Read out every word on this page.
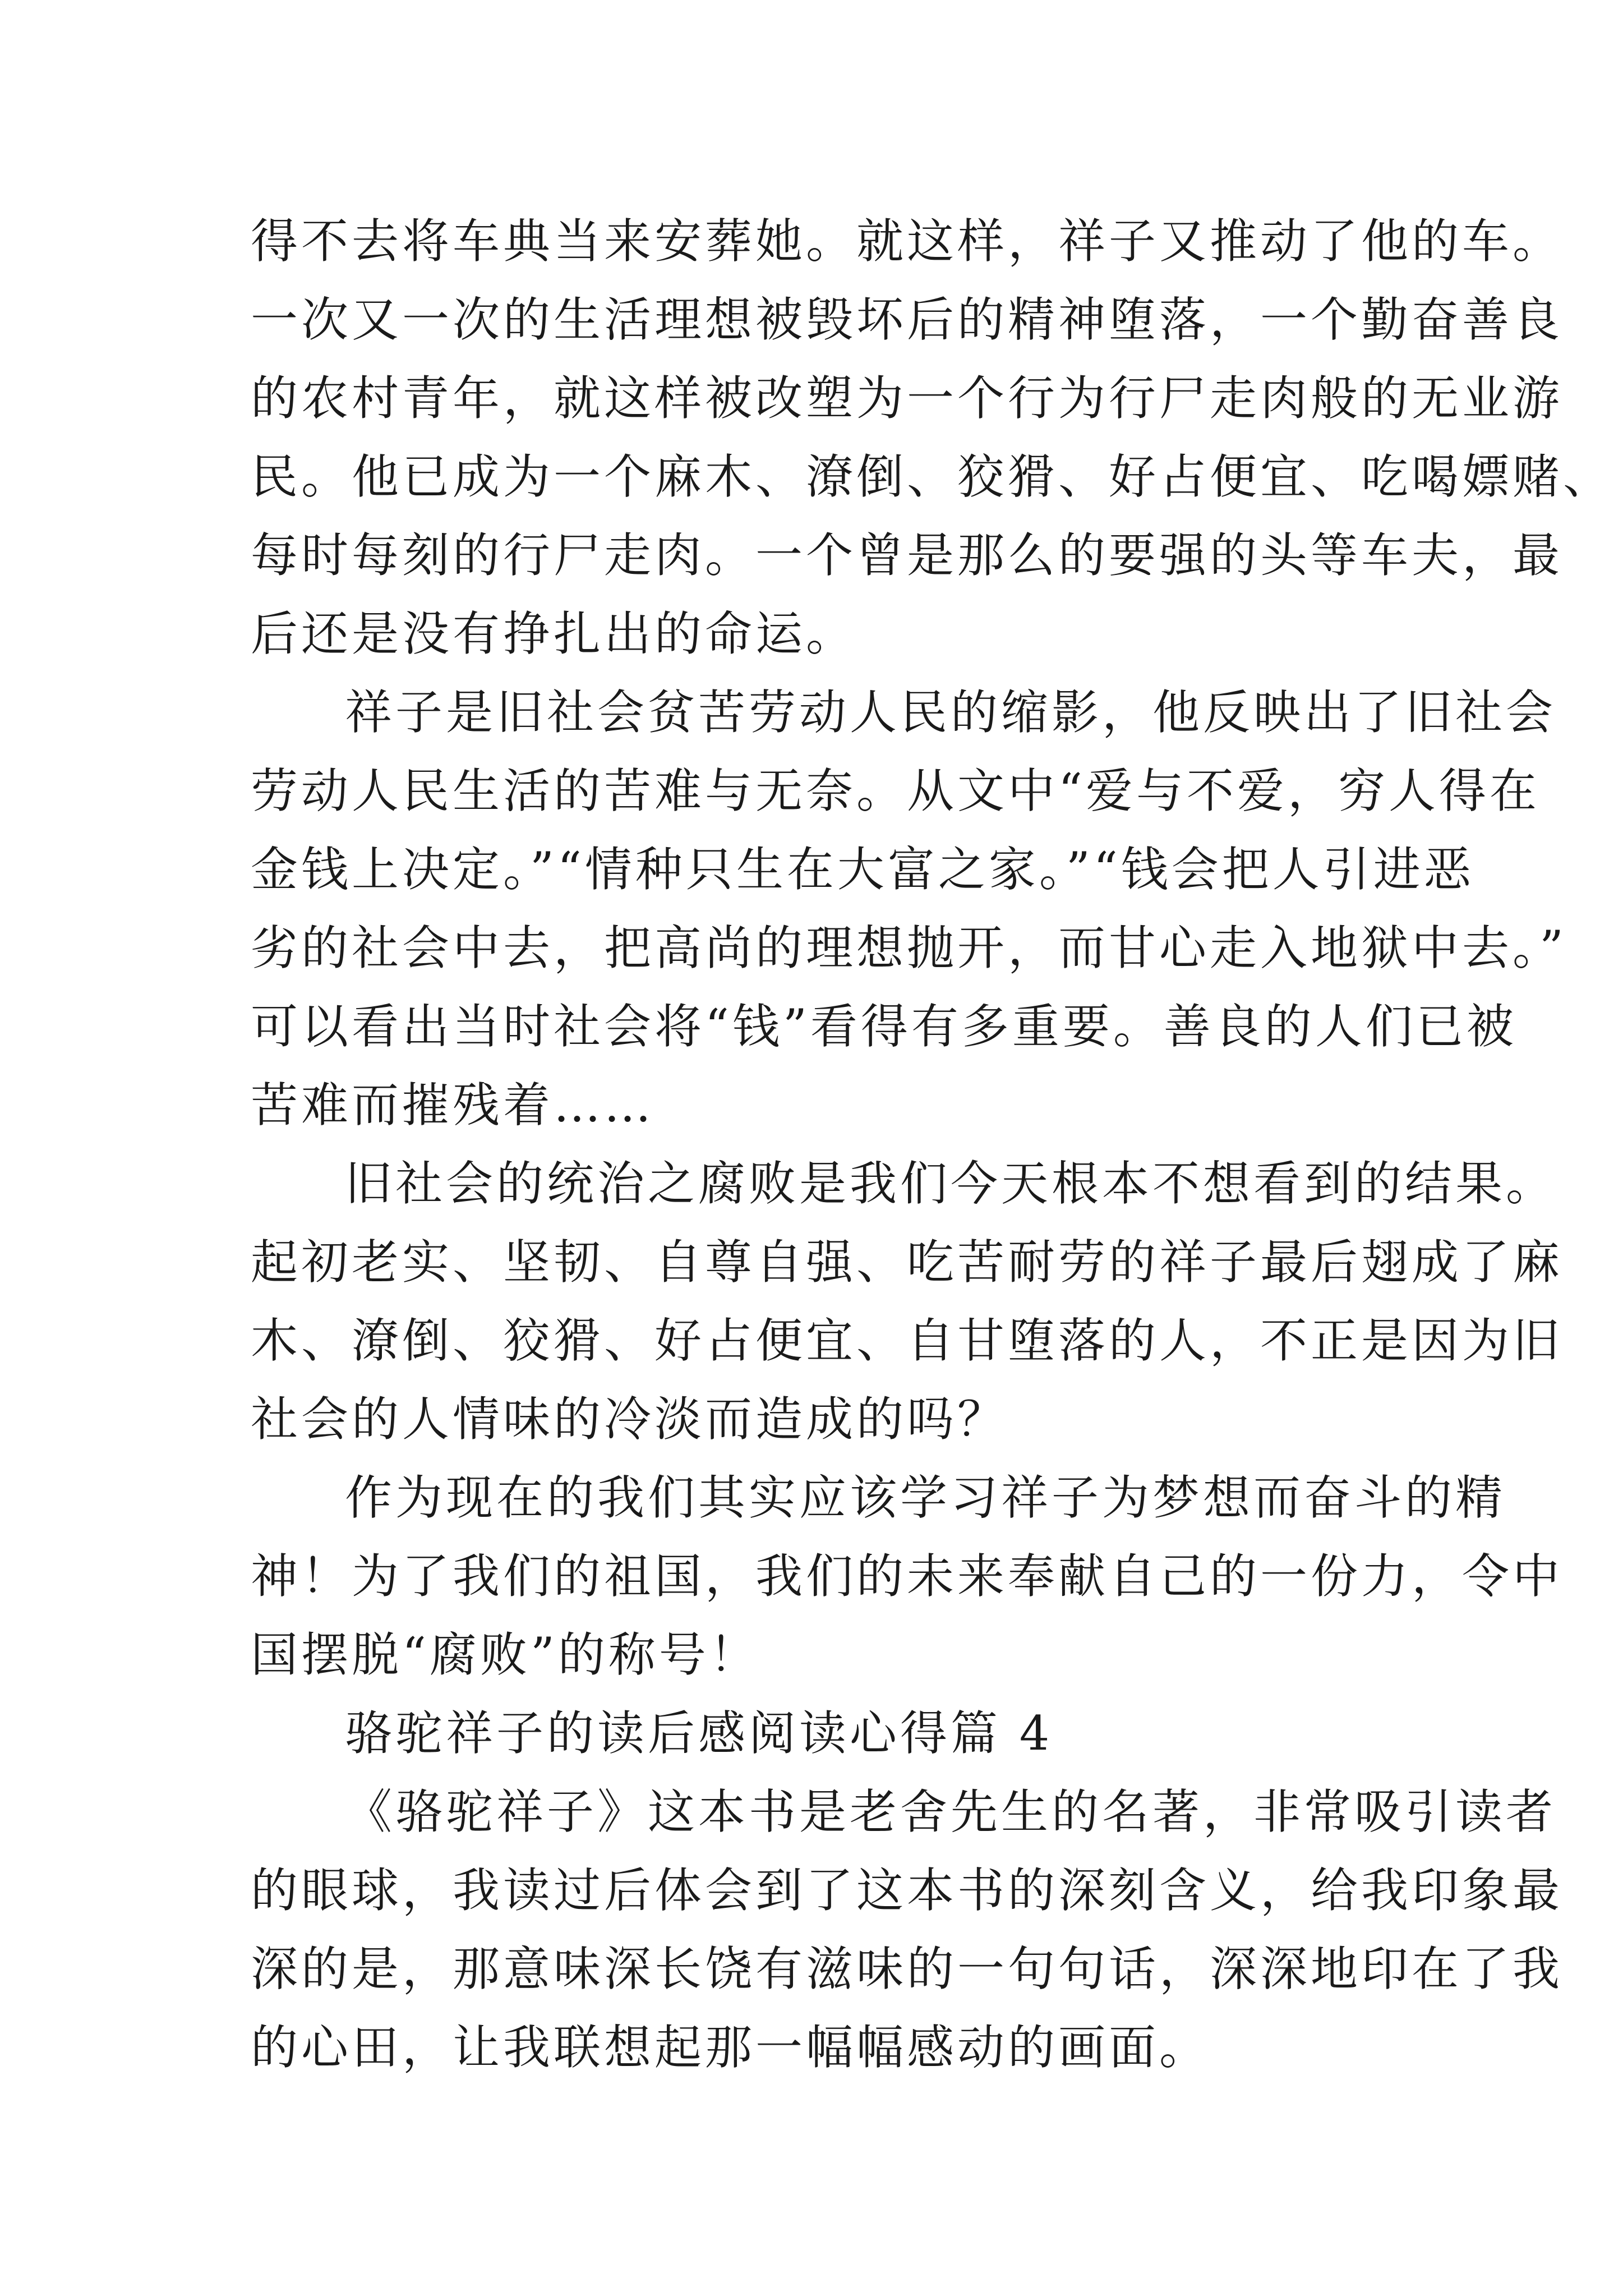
得不去将车典当来安葬她。就这样，祥子又推动了他的车。
一次又一次的生活理想被毁坏后的精神堕落，一个勤奋善良
的农村青年，就这样被改塑为一个行为行尸走肉般的无业游
民。他已成为一个麻木、潦倒、狡猾、好占便宜、吃喝嫖赌、
每时每刻的行尸走肉。一个曾是那么的要强的头等车夫，最
后还是没有挣扎出的命运。

祥子是旧社会贫苦劳动人民的缩影，他反映出了旧社会
劳动人民生活的苦难与无奈。从文中“爱与不爱，穷人得在
金钱上决定。”“情种只生在大富之家。”“钱会把人引进恶
劣的社会中去，把高尚的理想抛开，而甘心走入地狱中去。”
可以看出当时社会将“钱”看得有多重要。善良的人们已被
苦难而摧残着……

旧社会的统治之腐败是我们今天根本不想看到的结果。
起初老实、坚韧、自尊自强、吃苦耐劳的祥子最后翅成了麻
木、潦倒、狡猾、好占便宜、自甘堕落的人，不正是因为旧
社会的人情味的冷淡而造成的吗？

作为现在的我们其实应该学习祥子为梦想而奋斗的精
神！为了我们的祖国，我们的未来奉献自己的一份力，令中
国摆脱“腐败”的称号！

骆驼祥子的读后感阅读心得篇 4

《骆驼祥子》这本书是老舍先生的名著，非常吸引读者
的眼球，我读过后体会到了这本书的深刻含义，给我印象最
深的是，那意味深长饶有滋味的一句句话，深深地印在了我
的心田，让我联想起那一幅幅感动的画面。
